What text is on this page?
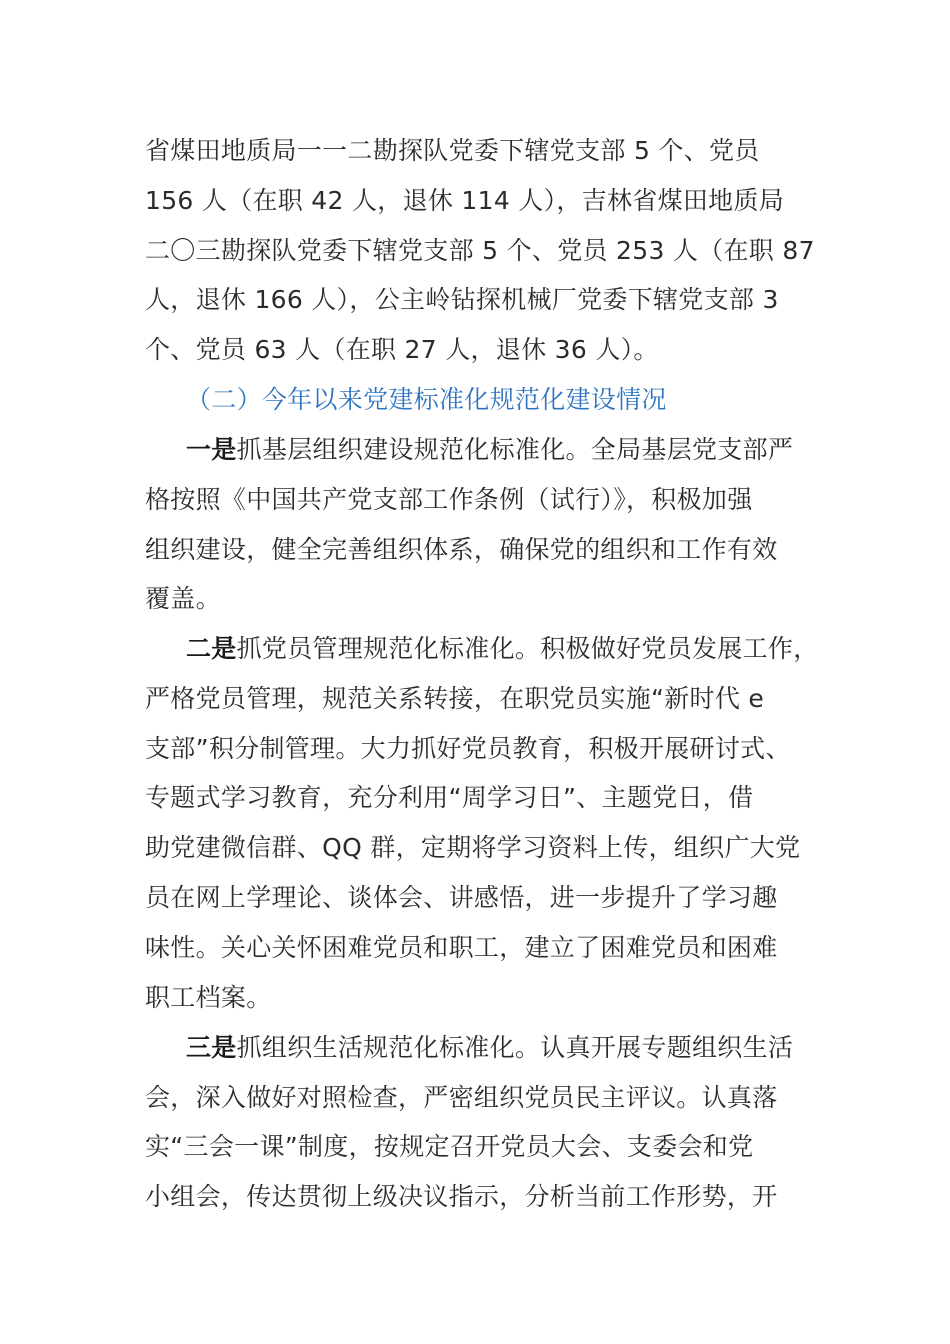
省煤田地质局一一二勘探队党委下辖党支部 5 个、党员
156 人（在职 42 人，退休 114 人），吉林省煤田地质局
二〇三勘探队党委下辖党支部 5 个、党员 253 人（在职 87
人，退休 166 人），公主岭钻探机械厂党委下辖党支部 3
个、党员 63 人（在职 27 人，退休 36 人）。
（二）今年以来党建标准化规范化建设情况
一是抓基层组织建设规范化标准化。全局基层党支部严
格按照《中国共产党支部工作条例（试行）》，积极加强
组织建设，健全完善组织体系，确保党的组织和工作有效
覆盖。
二是抓党员管理规范化标准化。积极做好党员发展工作，
严格党员管理，规范关系转接，在职党员实施“新时代 e
支部”积分制管理。大力抓好党员教育，积极开展研讨式、
专题式学习教育，充分利用“周学习日”、主题党日，借
助党建微信群、QQ 群，定期将学习资料上传，组织广大党
员在网上学理论、谈体会、讲感悟，进一步提升了学习趣
味性。关心关怀困难党员和职工，建立了困难党员和困难
职工档案。
三是抓组织生活规范化标准化。认真开展专题组织生活
会，深入做好对照检查，严密组织党员民主评议。认真落
实“三会一课”制度，按规定召开党员大会、支委会和党
小组会，传达贯彻上级决议指示，分析当前工作形势，开
